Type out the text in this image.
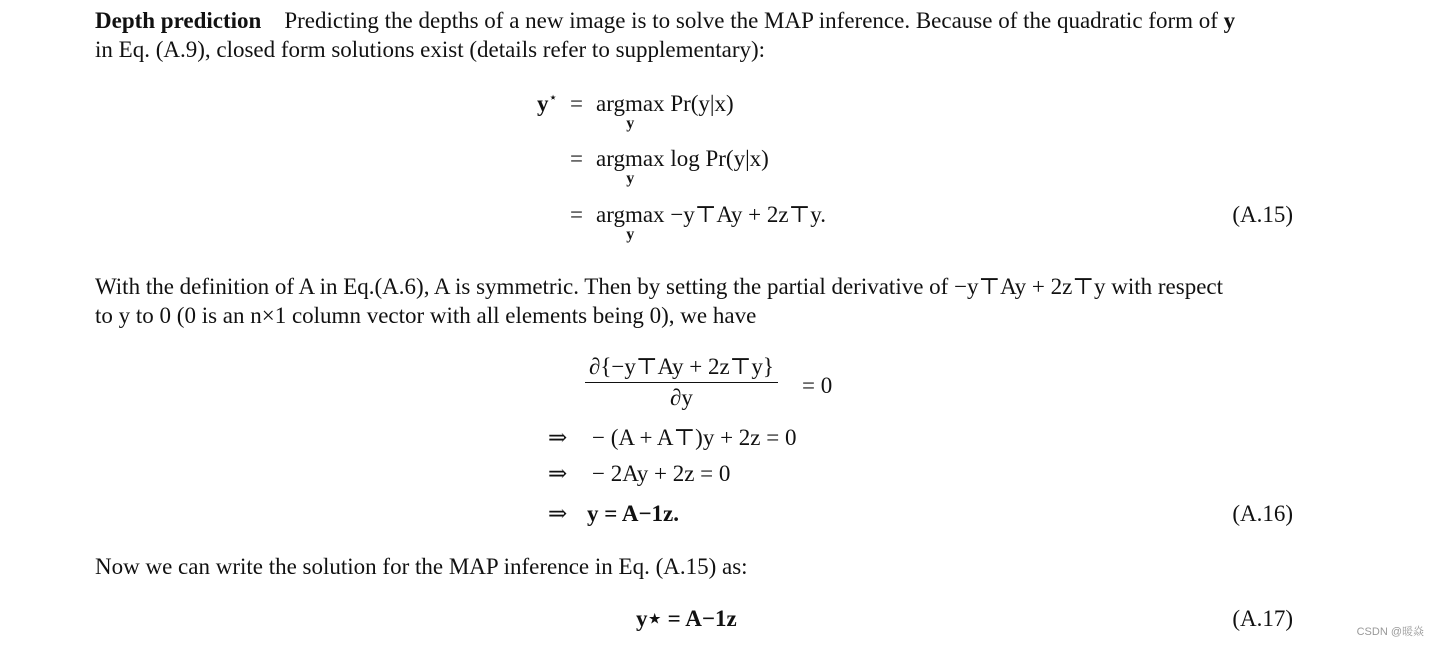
Depth prediction Predicting the depths of a new image is to solve the MAP inference. Because of the quadratic form of y
in Eq. (A.9), closed form solutions exist (details refer to supplementary):
y⋆ = argmax
y
Pr(y|x)
= argmax
y
log Pr(y|x)
= argmax
y
−y⊤Ay + 2z⊤y.	(A.15)
With the definition of A in Eq.(A.6), A is symmetric. Then by setting the partial derivative of −y⊤Ay + 2z⊤y with respect
to y to 0 (0 is an n×1 column vector with all elements being 0), we have
$\frac{\partial\{-y⊤Ay + 2z⊤y\}}{\partial y} = 0$
⇒ − (A + A⊤)y + 2z = 0
⇒ − 2Ay + 2z = 0
⇒ y = A−1z.	(A.16)
Now we can write the solution for the MAP inference in Eq. (A.15) as:
y⋆ = A−1z	(A.17)
CSDN @暖焱
